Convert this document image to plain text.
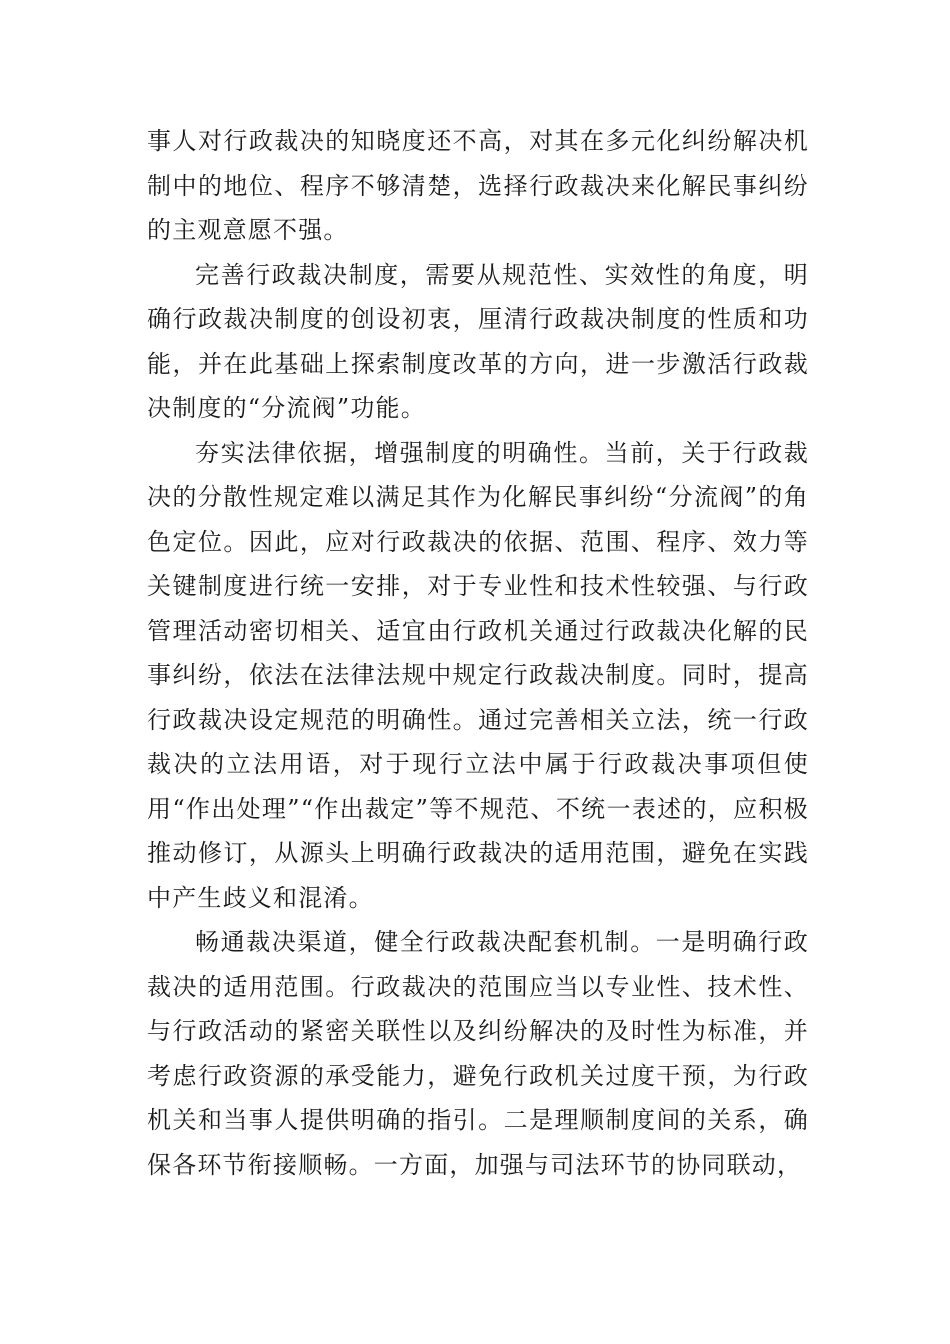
事人对行政裁决的知晓度还不高，对其在多元化纠纷解决机制中的地位、程序不够清楚，选择行政裁决来化解民事纠纷的主观意愿不强。

完善行政裁决制度，需要从规范性、实效性的角度，明确行政裁决制度的创设初衷，厘清行政裁决制度的性质和功能，并在此基础上探索制度改革的方向，进一步激活行政裁决制度的“分流阀”功能。

夯实法律依据，增强制度的明确性。当前，关于行政裁决的分散性规定难以满足其作为化解民事纠纷“分流阀”的角色定位。因此，应对行政裁决的依据、范围、程序、效力等关键制度进行统一安排，对于专业性和技术性较强、与行政管理活动密切相关、适宜由行政机关通过行政裁决化解的民事纠纷，依法在法律法规中规定行政裁决制度。同时，提高行政裁决设定规范的明确性。通过完善相关立法，统一行政裁决的立法用语，对于现行立法中属于行政裁决事项但使用“作出处理”“作出裁定”等不规范、不统一表述的，应积极推动修订，从源头上明确行政裁决的适用范围，避免在实践中产生歧义和混淆。

畅通裁决渠道，健全行政裁决配套机制。一是明确行政裁决的适用范围。行政裁决的范围应当以专业性、技术性、与行政活动的紧密关联性以及纠纷解决的及时性为标准，并考虑行政资源的承受能力，避免行政机关过度干预，为行政机关和当事人提供明确的指引。二是理顺制度间的关系，确保各环节衔接顺畅。一方面，加强与司法环节的协同联动，
